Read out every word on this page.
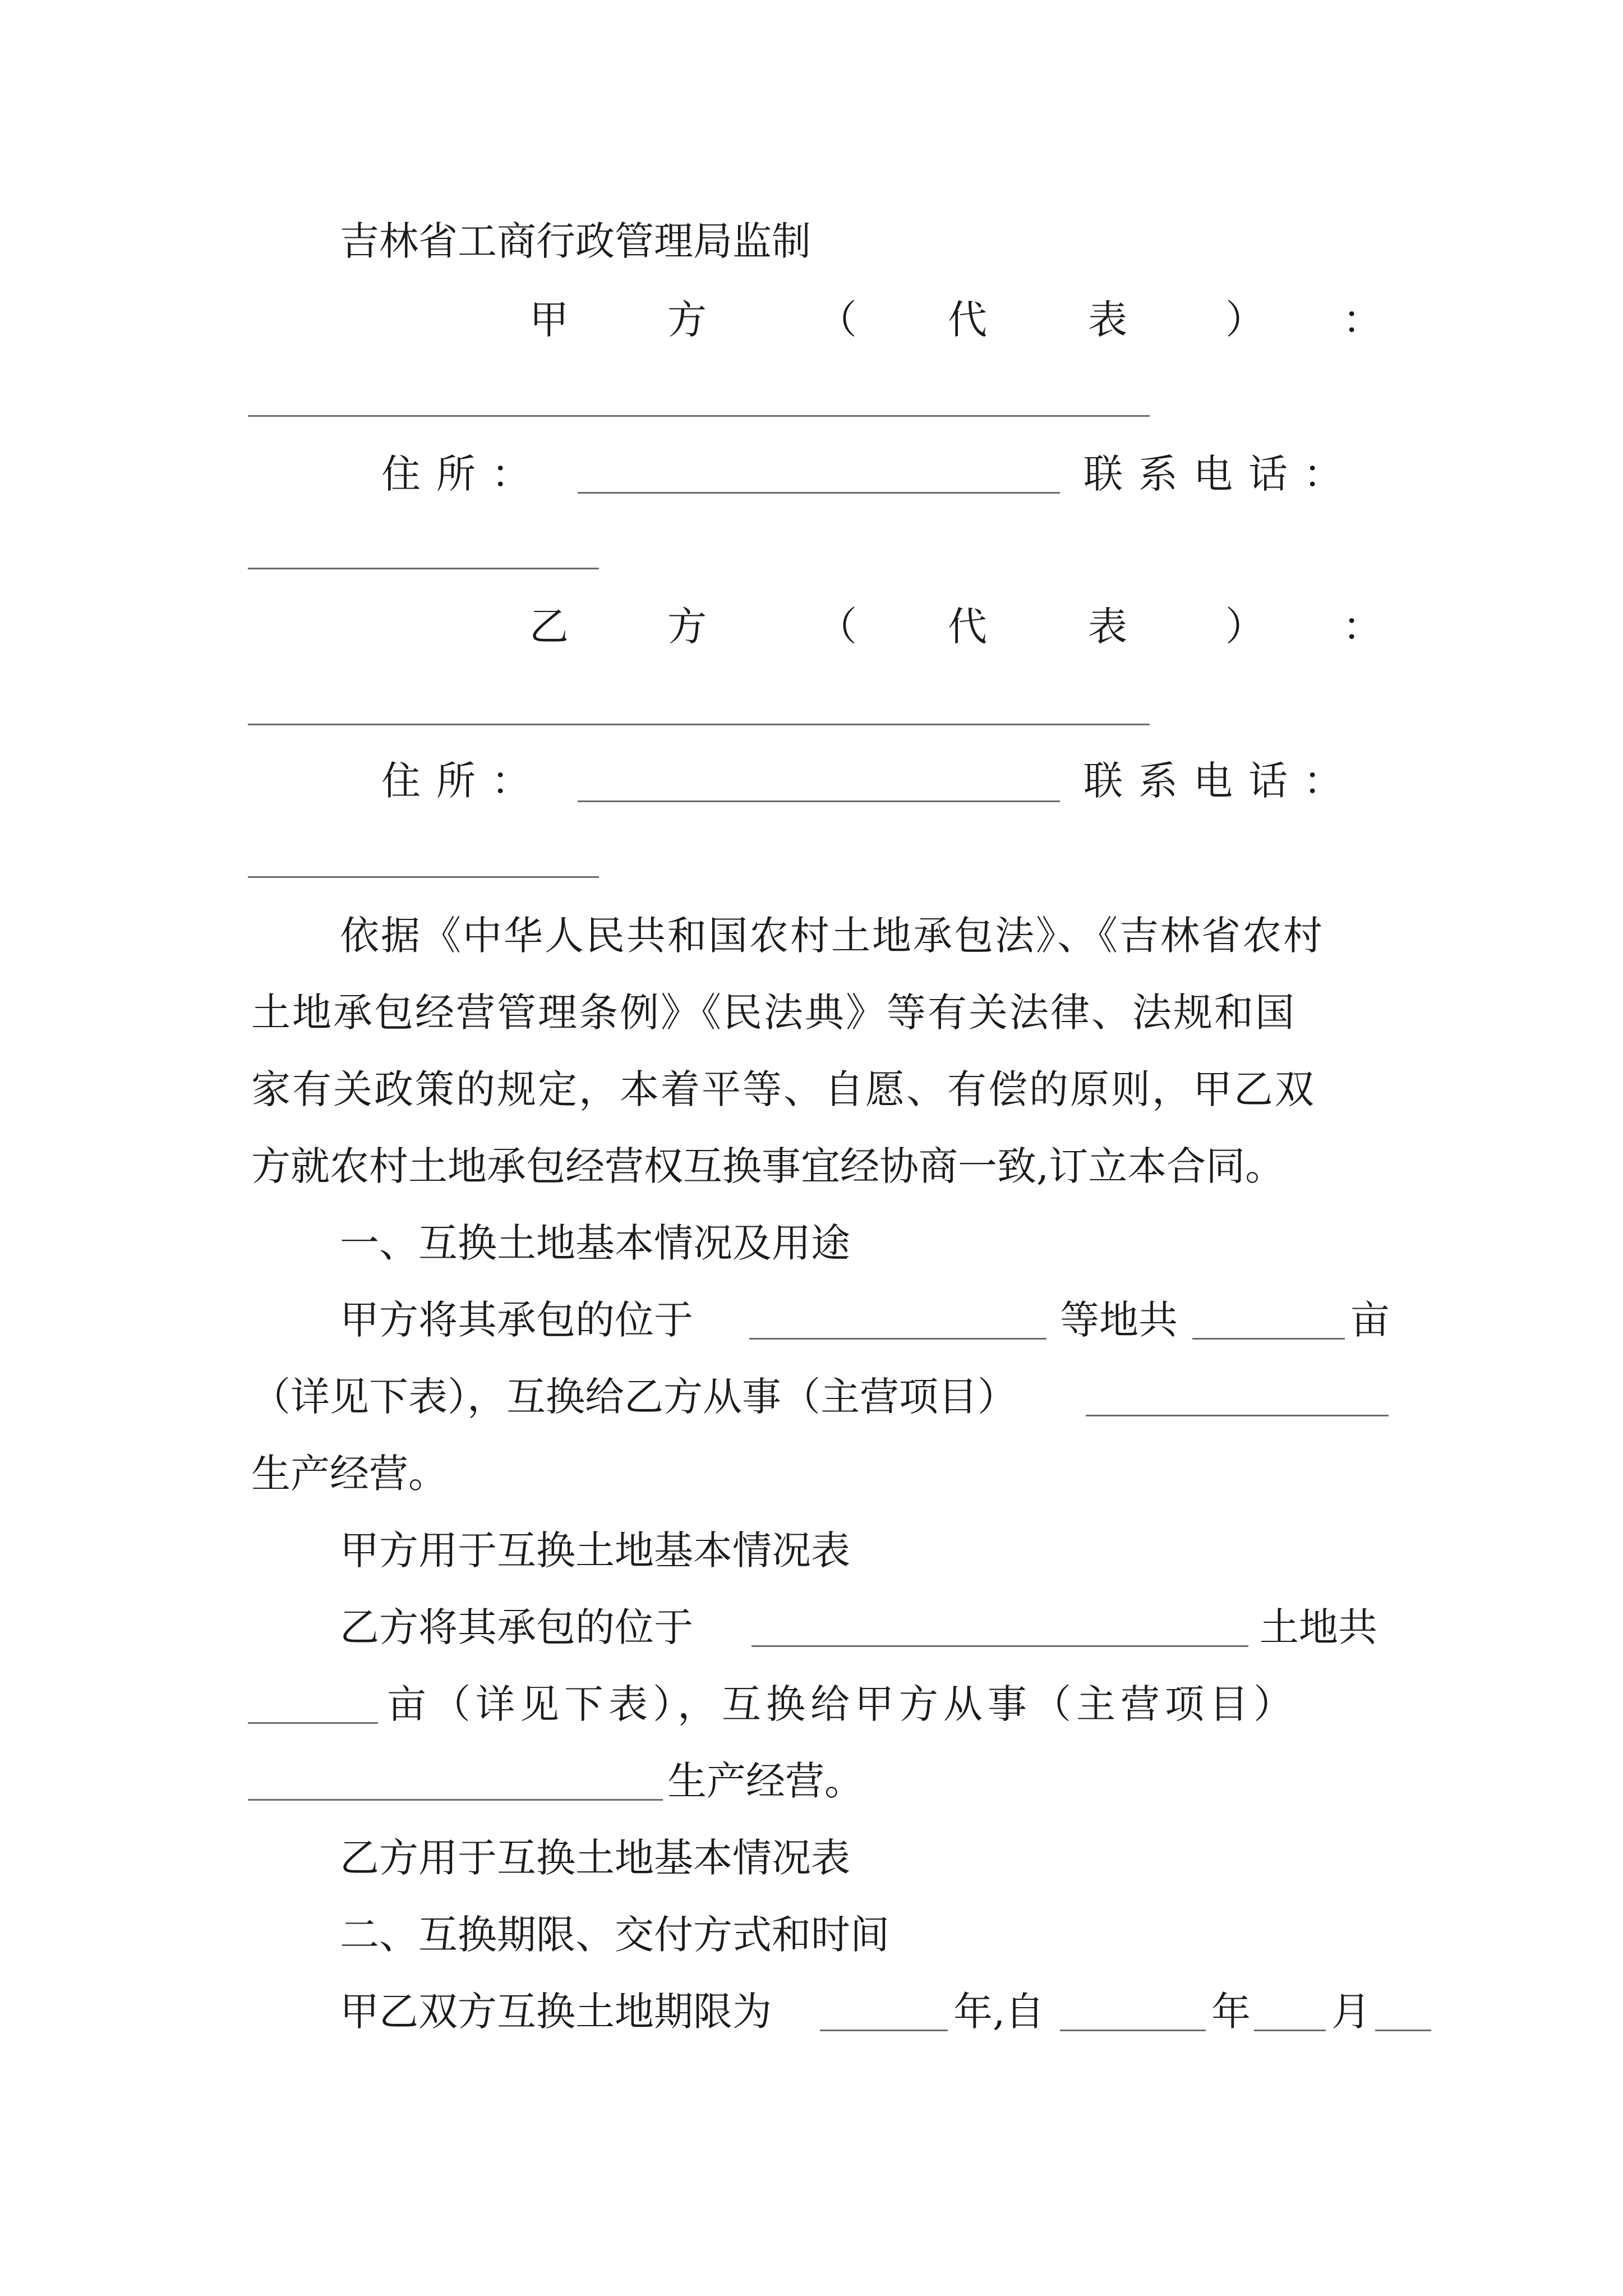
吉林省工商行政管理局监制
甲	方	（ 代	表	） ：
住所：	联系电话：
乙	方	（ 代	表	） ：
住所：	联系电话：
依据《中华人民共和国农村土地承包法》、《吉林省农村
土地承包经营管理条例》《民法典》等有关法律、法规和国
家有关政策的规定，本着平等、自愿、有偿的原则，甲乙双
方就农村土地承包经营权互换事宜经协商一致,订立本合同。
一、互换土地基本情况及用途
甲方将其承包的位于	等地共	亩
（详见下表），互换给乙方从事（主营项目）
生产经营。
甲方用于互换土地基本情况表
乙方将其承包的位于	土地共
亩（详见下表），互换给甲方从事（主营项目）
生产经营。
乙方用于互换土地基本情况表
二、互换期限、交付方式和时间
甲乙双方互换土地期限为	年,自	年 月
